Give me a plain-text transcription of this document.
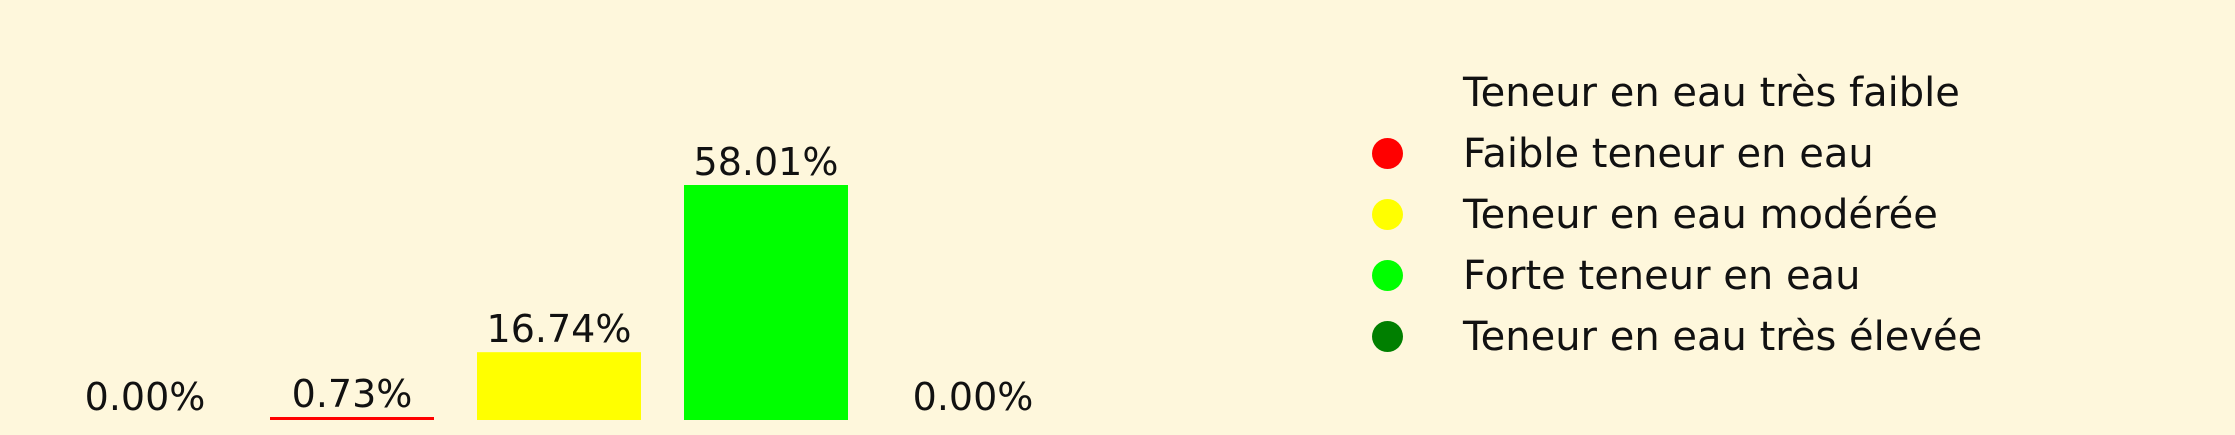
0.00% 0.73%
16.74%
58.01%
0.00%
Teneur en eau très faible
Faible teneur en eau
Teneur en eau modérée
Forte teneur en eau
Teneur en eau très élevée
